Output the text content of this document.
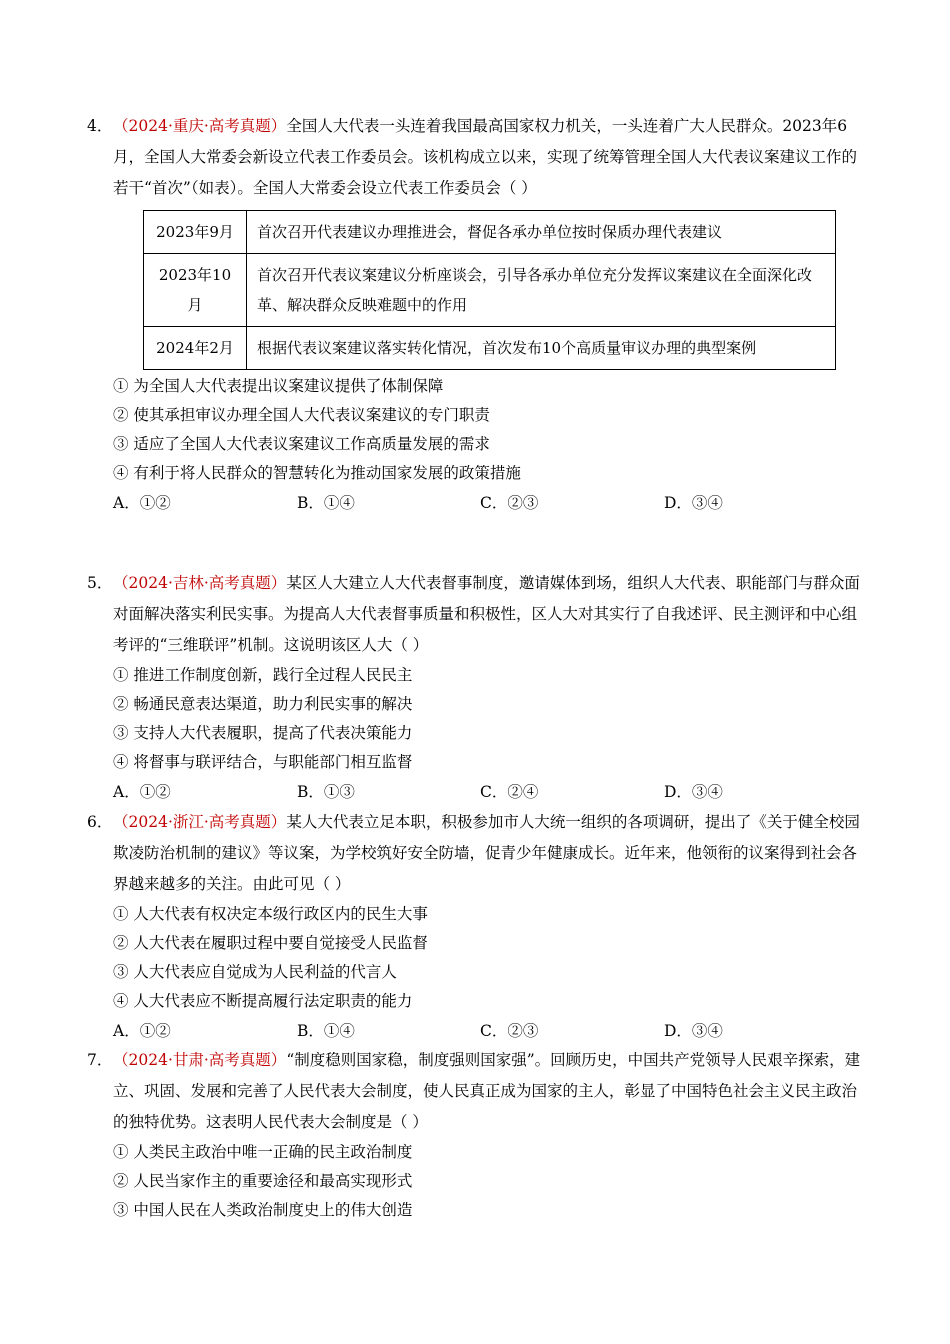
4． （2024·重庆·高考真题）全国人大代表一头连着我国最高国家权力机关，一头连着广大人民群众。2023年6月，全国人大常委会新设立代表工作委员会。该机构成立以来，实现了统筹管理全国人大代表议案建议工作的若干“首次”（如表）。全国人大常委会设立代表工作委员会（ ）
2023年9月	首次召开代表建议办理推进会，督促各承办单位按时保质办理代表建议
2023年10月	首次召开代表议案建议分析座谈会，引导各承办单位充分发挥议案建议在全面深化改革、解决群众反映难题中的作用
2024年2月	根据代表议案建议落实转化情况，首次发布10个高质量审议办理的典型案例
① 为全国人大代表提出议案建议提供了体制保障
② 使其承担审议办理全国人大代表议案建议的专门职责
③ 适应了全国人大代表议案建议工作高质量发展的需求
④ 有利于将人民群众的智慧转化为推动国家发展的政策措施
A．①②	B．①④	C．②③	D．③④
5． （2024·吉林·高考真题）某区人大建立人大代表督事制度，邀请媒体到场，组织人大代表、职能部门与群众面对面解决落实利民实事。为提高人大代表督事质量和积极性，区人大对其实行了自我述评、民主测评和中心组考评的“三维联评”机制。这说明该区人大（ ）
① 推进工作制度创新，践行全过程人民民主
② 畅通民意表达渠道，助力利民实事的解决
③ 支持人大代表履职，提高了代表决策能力
④ 将督事与联评结合，与职能部门相互监督
A．①②	B．①③	C．②④	D．③④
6． （2024·浙江·高考真题）某人大代表立足本职，积极参加市人大统一组织的各项调研，提出了《关于健全校园欺凌防治机制的建议》等议案，为学校筑好安全防墙，促青少年健康成长。近年来，他领衔的议案得到社会各界越来越多的关注。由此可见（ ）
① 人大代表有权决定本级行政区内的民生大事
② 人大代表在履职过程中要自觉接受人民监督
③ 人大代表应自觉成为人民利益的代言人
④ 人大代表应不断提高履行法定职责的能力
A．①②	B．①④	C．②③	D．③④
7． （2024·甘肃·高考真题）“制度稳则国家稳，制度强则国家强”。回顾历史，中国共产党领导人民艰辛探索，建立、巩固、发展和完善了人民代表大会制度，使人民真正成为国家的主人，彰显了中国特色社会主义民主政治的独特优势。这表明人民代表大会制度是（ ）
① 人类民主政治中唯一正确的民主政治制度
② 人民当家作主的重要途径和最高实现形式
③ 中国人民在人类政治制度史上的伟大创造
